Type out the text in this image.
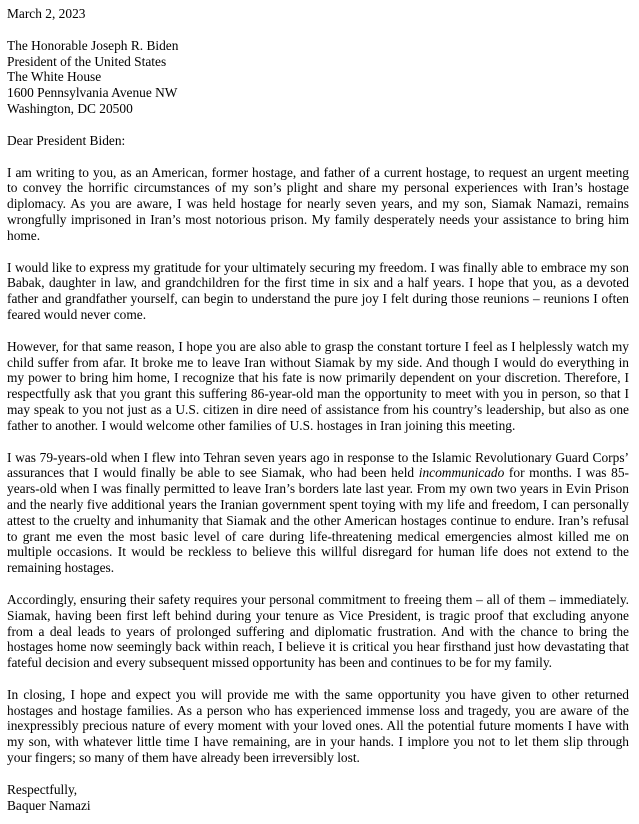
March 2, 2023
The Honorable Joseph R. Biden
President of the United States
The White House
1600 Pennsylvania Avenue NW
Washington, DC 20500
Dear President Biden:

I am writing to you, as an American, former hostage, and father of a current hostage, to request an urgent meeting to convey the horrific circumstances of my son’s plight and share my personal experiences with Iran’s hostage diplomacy. As you are aware, I was held hostage for nearly seven years, and my son, Siamak Namazi, remains wrongfully imprisoned in Iran’s most notorious prison. My family desperately needs your assistance to bring him home.

I would like to express my gratitude for your ultimately securing my freedom. I was finally able to embrace my son Babak, daughter in law, and grandchildren for the first time in six and a half years. I hope that you, as a devoted father and grandfather yourself, can begin to understand the pure joy I felt during those reunions – reunions I often feared would never come.

However, for that same reason, I hope you are also able to grasp the constant torture I feel as I helplessly watch my child suffer from afar. It broke me to leave Iran without Siamak by my side. And though I would do everything in my power to bring him home, I recognize that his fate is now primarily dependent on your discretion. Therefore, I respectfully ask that you grant this suffering 86-year-old man the opportunity to meet with you in person, so that I may speak to you not just as a U.S. citizen in dire need of assistance from his country’s leadership, but also as one father to another. I would welcome other families of U.S. hostages in Iran joining this meeting.

I was 79-years-old when I flew into Tehran seven years ago in response to the Islamic Revolutionary Guard Corps’ assurances that I would finally be able to see Siamak, who had been held incommunicado for months. I was 85-years-old when I was finally permitted to leave Iran’s borders late last year. From my own two years in Evin Prison and the nearly five additional years the Iranian government spent toying with my life and freedom, I can personally attest to the cruelty and inhumanity that Siamak and the other American hostages continue to endure. Iran’s refusal to grant me even the most basic level of care during life-threatening medical emergencies almost killed me on multiple occasions. It would be reckless to believe this willful disregard for human life does not extend to the remaining hostages.

Accordingly, ensuring their safety requires your personal commitment to freeing them – all of them – immediately. Siamak, having been first left behind during your tenure as Vice President, is tragic proof that excluding anyone from a deal leads to years of prolonged suffering and diplomatic frustration. And with the chance to bring the hostages home now seemingly back within reach, I believe it is critical you hear firsthand just how devastating that fateful decision and every subsequent missed opportunity has been and continues to be for my family.

In closing, I hope and expect you will provide me with the same opportunity you have given to other returned hostages and hostage families. As a person who has experienced immense loss and tragedy, you are aware of the inexpressibly precious nature of every moment with your loved ones. All the potential future moments I have with my son, with whatever little time I have remaining, are in your hands. I implore you not to let them slip through your fingers; so many of them have already been irreversibly lost.

Respectfully,
Baquer Namazi
